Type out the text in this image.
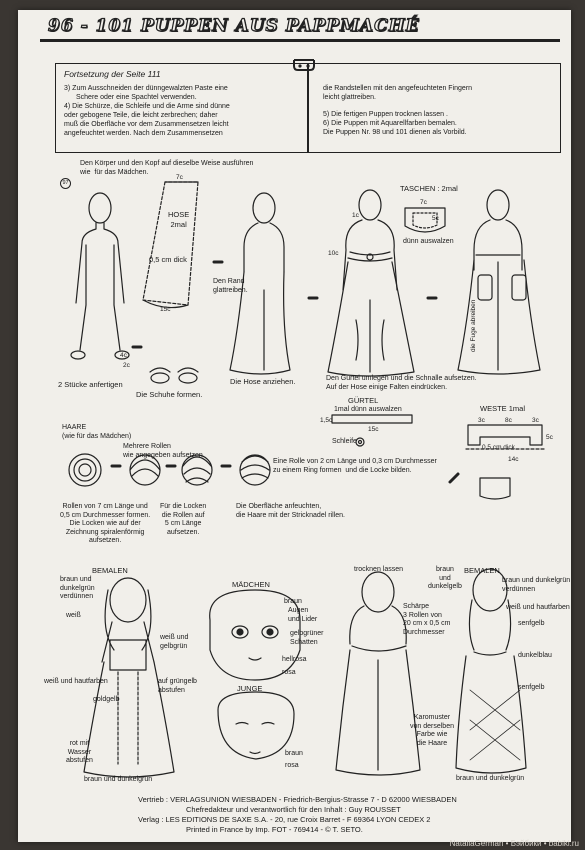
96 - 101 PUPPEN AUS PAPPMACHÉ
Fortsetzung der Seite 111
3) Zum Ausschneiden der dünngewalzten Paste eine
Schere oder eine Spachtel verwenden.
4) Die Schürze, die Schleife und die Arme sind dünne
oder gebogene Teile, die leicht zerbrechen; daher
muß die Oberfläche vor dem Zusammensetzen leicht
angefeuchtet werden. Nach dem Zusammensetzen
die Randstellen mit den angefeuchteten Fingern
leicht glattreiben.
5) Die fertigen Puppen trocknen lassen .
6) Die Puppen mit Aquarellfarben bemalen.
Die Puppen Nr. 98 und 101 dienen als Vorbild.
97
Den Körper und den Kopf auf dieselbe Weise ausführen
wie  für das Mädchen.
2 Stücke anfertigen
Die Schuhe formen.
HOSE
2mal
0,5 cm dick
7c
15c
4c
2c
Den Rand
glattreiben.
Die Hose anziehen.
TASCHEN : 2mal
7c
5c
dünn auswalzen
1c
10c
die Fuge abreiben
Den Gürtel umlegen und die Schnalle aufsetzen.
Auf der Hose einige Falten eindrücken.
GÜRTEL
1mal dünn auswalzen
1,5c
15c
Schleife
WESTE 1mal
3c	8c	3c
5c
0,5 cm dick
14c
HAARE
(wie für das Mädchen)
Mehrere Rollen
wie angegeben aufsetzen.
Eine Rolle von 2 cm Länge und 0,3 cm Durchmesser
zu einem Ring formen  und die Locke bilden.
Rollen von 7 cm Länge und
0,5 cm Durchmesser formen.
Die Locken wie auf der
Zeichnung spiralenförmig
aufsetzen.
Für die Locken
die Rollen auf
5 cm Länge
aufsetzen.
Die Oberfläche anfeuchten,
die Haare mit der Stricknadel rillen.
BEMALEN
braun und
dunkelgrün
verdünnen
weiß
weiß und
gelbgrün
weiß und hautfarben	auf grüngelb
abstufen
goldgelb
rot mit
Wasser
abstufen
braun und dunkelgrün
MÄDCHEN
braun
Augen
und Lider
gelbgrüner
Schatten
hellrosa
rosa
JUNGE
braun
rosa
trocknen lassen	braun
und
dunkelgelb
Schärpe
3 Rollen von
20 cm x 0,5 cm
Durchmesser
Karomuster
von derselben
Farbe wie
die Haare
BEMALEN
braun und dunkelgrün
verdünnen
weiß und hautfarben
senfgelb
dunkelblau
senfgelb
braun und dunkelgrün
Vertrieb : VERLAGSUNION WIESBADEN - Friedrich-Bergius-Strasse 7 - D 62000 WIESBADEN
Chefredakteur und verantwortlich für den Inhalt : Guy ROUSSET
Verlag : LES EDITIONS DE SAXE S.A. - 20, rue Croix Barret - F 69364 LYON CEDEX 2
Printed in France by Imp. FOT - 769414 - © T. SETO.
NataliaGerman • Бэйбики • babiki.ru
